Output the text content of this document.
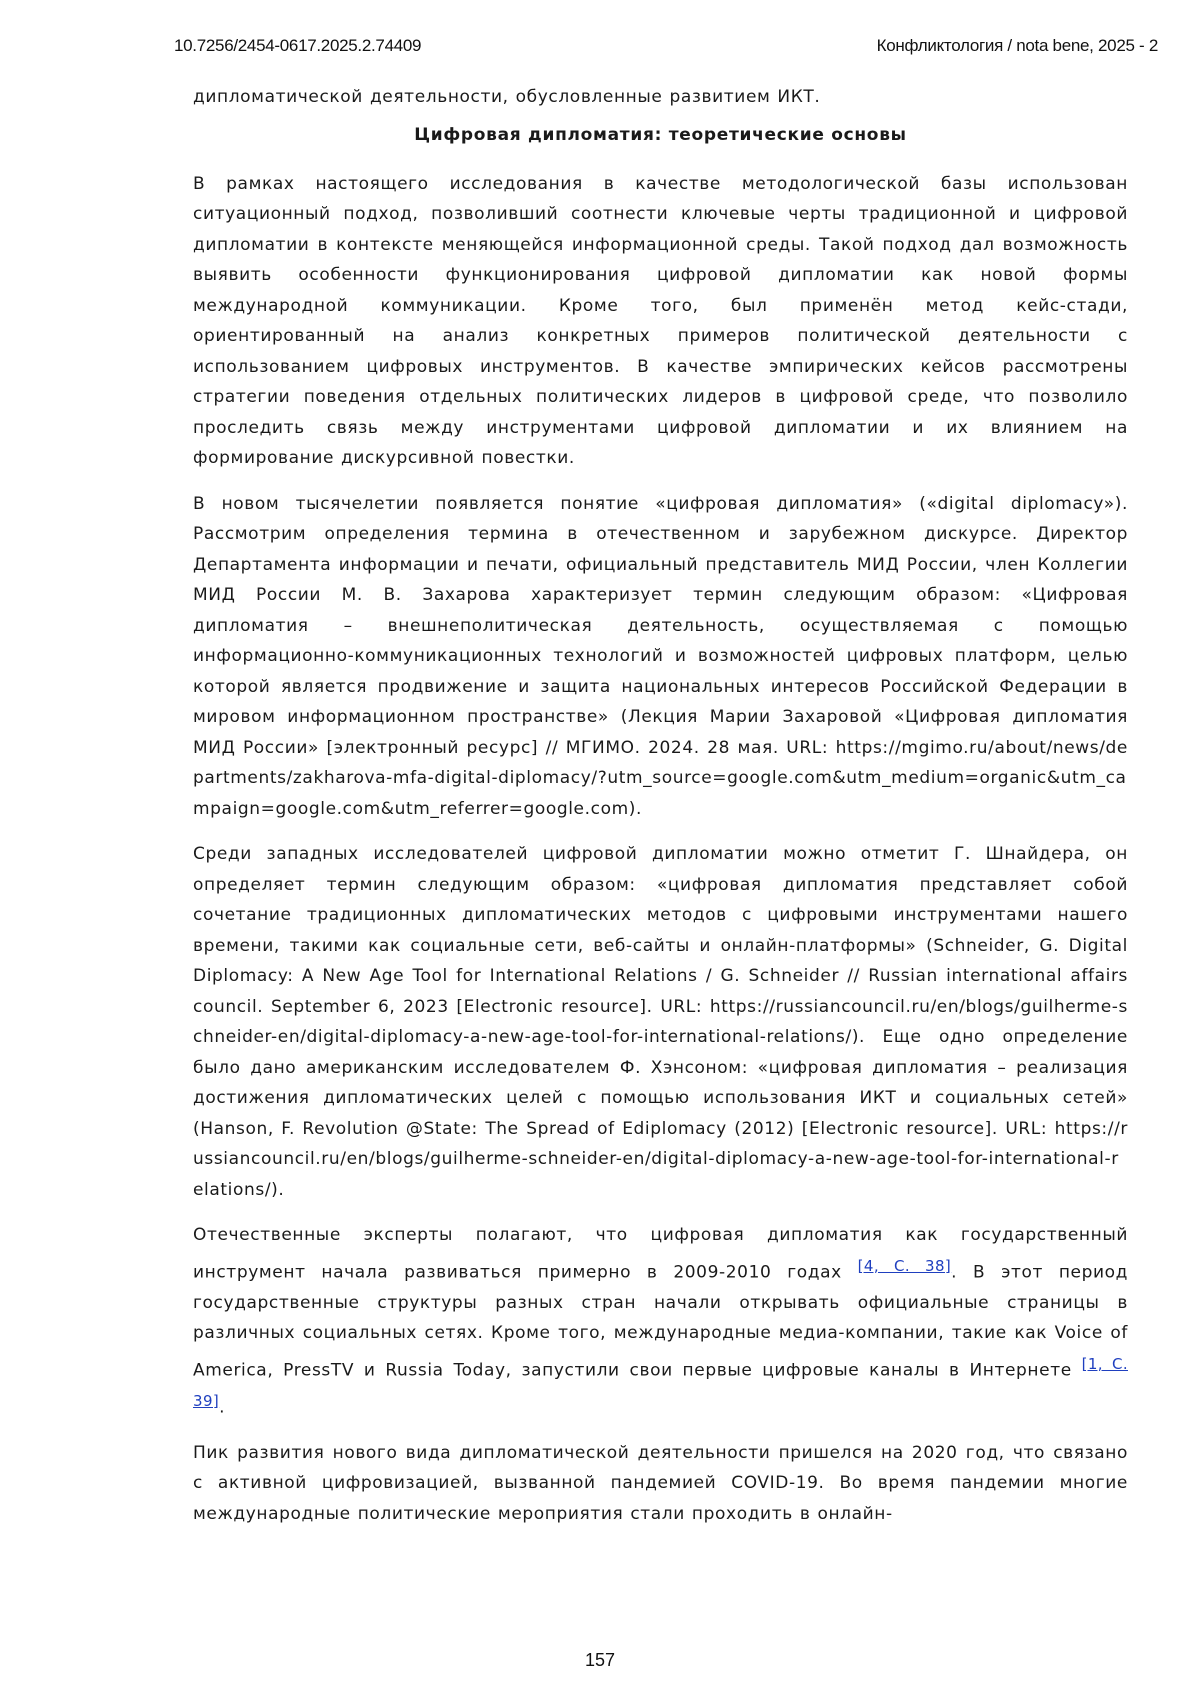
10.7256/2454-0617.2025.2.74409	Конфликтология / nota bene, 2025 - 2

дипломатической деятельности, обусловленные развитием ИКТ.

Цифровая дипломатия: теоретические основы

В рамках настоящего исследования в качестве методологической базы использован ситуационный подход, позволивший соотнести ключевые черты традиционной и цифровой дипломатии в контексте меняющейся информационной среды. Такой подход дал возможность выявить особенности функционирования цифровой дипломатии как новой формы международной коммуникации. Кроме того, был применён метод кейс-стади, ориентированный на анализ конкретных примеров политической деятельности с использованием цифровых инструментов. В качестве эмпирических кейсов рассмотрены стратегии поведения отдельных политических лидеров в цифровой среде, что позволило проследить связь между инструментами цифровой дипломатии и их влиянием на формирование дискурсивной повестки.

В новом тысячелетии появляется понятие «цифровая дипломатия» («digital diplomacy»). Рассмотрим определения термина в отечественном и зарубежном дискурсе. Директор Департамента информации и печати, официальный представитель МИД России, член Коллегии МИД России М. В. Захарова характеризует термин следующим образом: «Цифровая дипломатия – внешнеполитическая деятельность, осуществляемая с помощью информационно-коммуникационных технологий и возможностей цифровых платформ, целью которой является продвижение и защита национальных интересов Российской Федерации в мировом информационном пространстве» (Лекция Марии Захаровой «Цифровая дипломатия МИД России» [электронный ресурс] // МГИМО. 2024. 28 мая. URL: https://mgimo.ru/about/news/departments/zakharova-mfa-digital-diplomacy/?utm_source=google.com&utm_medium=organic&utm_campaign=google.com&utm_referrer=google.com).

Среди западных исследователей цифровой дипломатии можно отметит Г. Шнайдера, он определяет термин следующим образом: «цифровая дипломатия представляет собой сочетание традиционных дипломатических методов с цифровыми инструментами нашего времени, такими как социальные сети, веб-сайты и онлайн-платформы» (Schneider, G. Digital Diplomacy: A New Age Tool for International Relations / G. Schneider // Russian international affairs council. September 6, 2023 [Electronic resource]. URL: https://russiancouncil.ru/en/blogs/guilherme-schneider-en/digital-diplomacy-a-new-age-tool-for-international-relations/). Еще одно определение было дано американским исследователем Ф. Хэнсоном: «цифровая дипломатия – реализация достижения дипломатических целей с помощью использования ИКТ и социальных сетей» (Hanson, F. Revolution @State: The Spread of Ediplomacy (2012) [Electronic resource]. URL: https://russiancouncil.ru/en/blogs/guilherme-schneider-en/digital-diplomacy-a-new-age-tool-for-international-relations/).

Отечественные эксперты полагают, что цифровая дипломатия как государственный инструмент начала развиваться примерно в 2009-2010 годах [4, С. 38]. В этот период государственные структуры разных стран начали открывать официальные страницы в различных социальных сетях. Кроме того, международные медиа-компании, такие как Voice of America, PressTV и Russia Today, запустили свои первые цифровые каналы в Интернете [1, С. 39].

Пик развития нового вида дипломатической деятельности пришелся на 2020 год, что связано с активной цифровизацией, вызванной пандемией COVID-19. Во время пандемии многие международные политические мероприятия стали проходить в онлайн-

157
